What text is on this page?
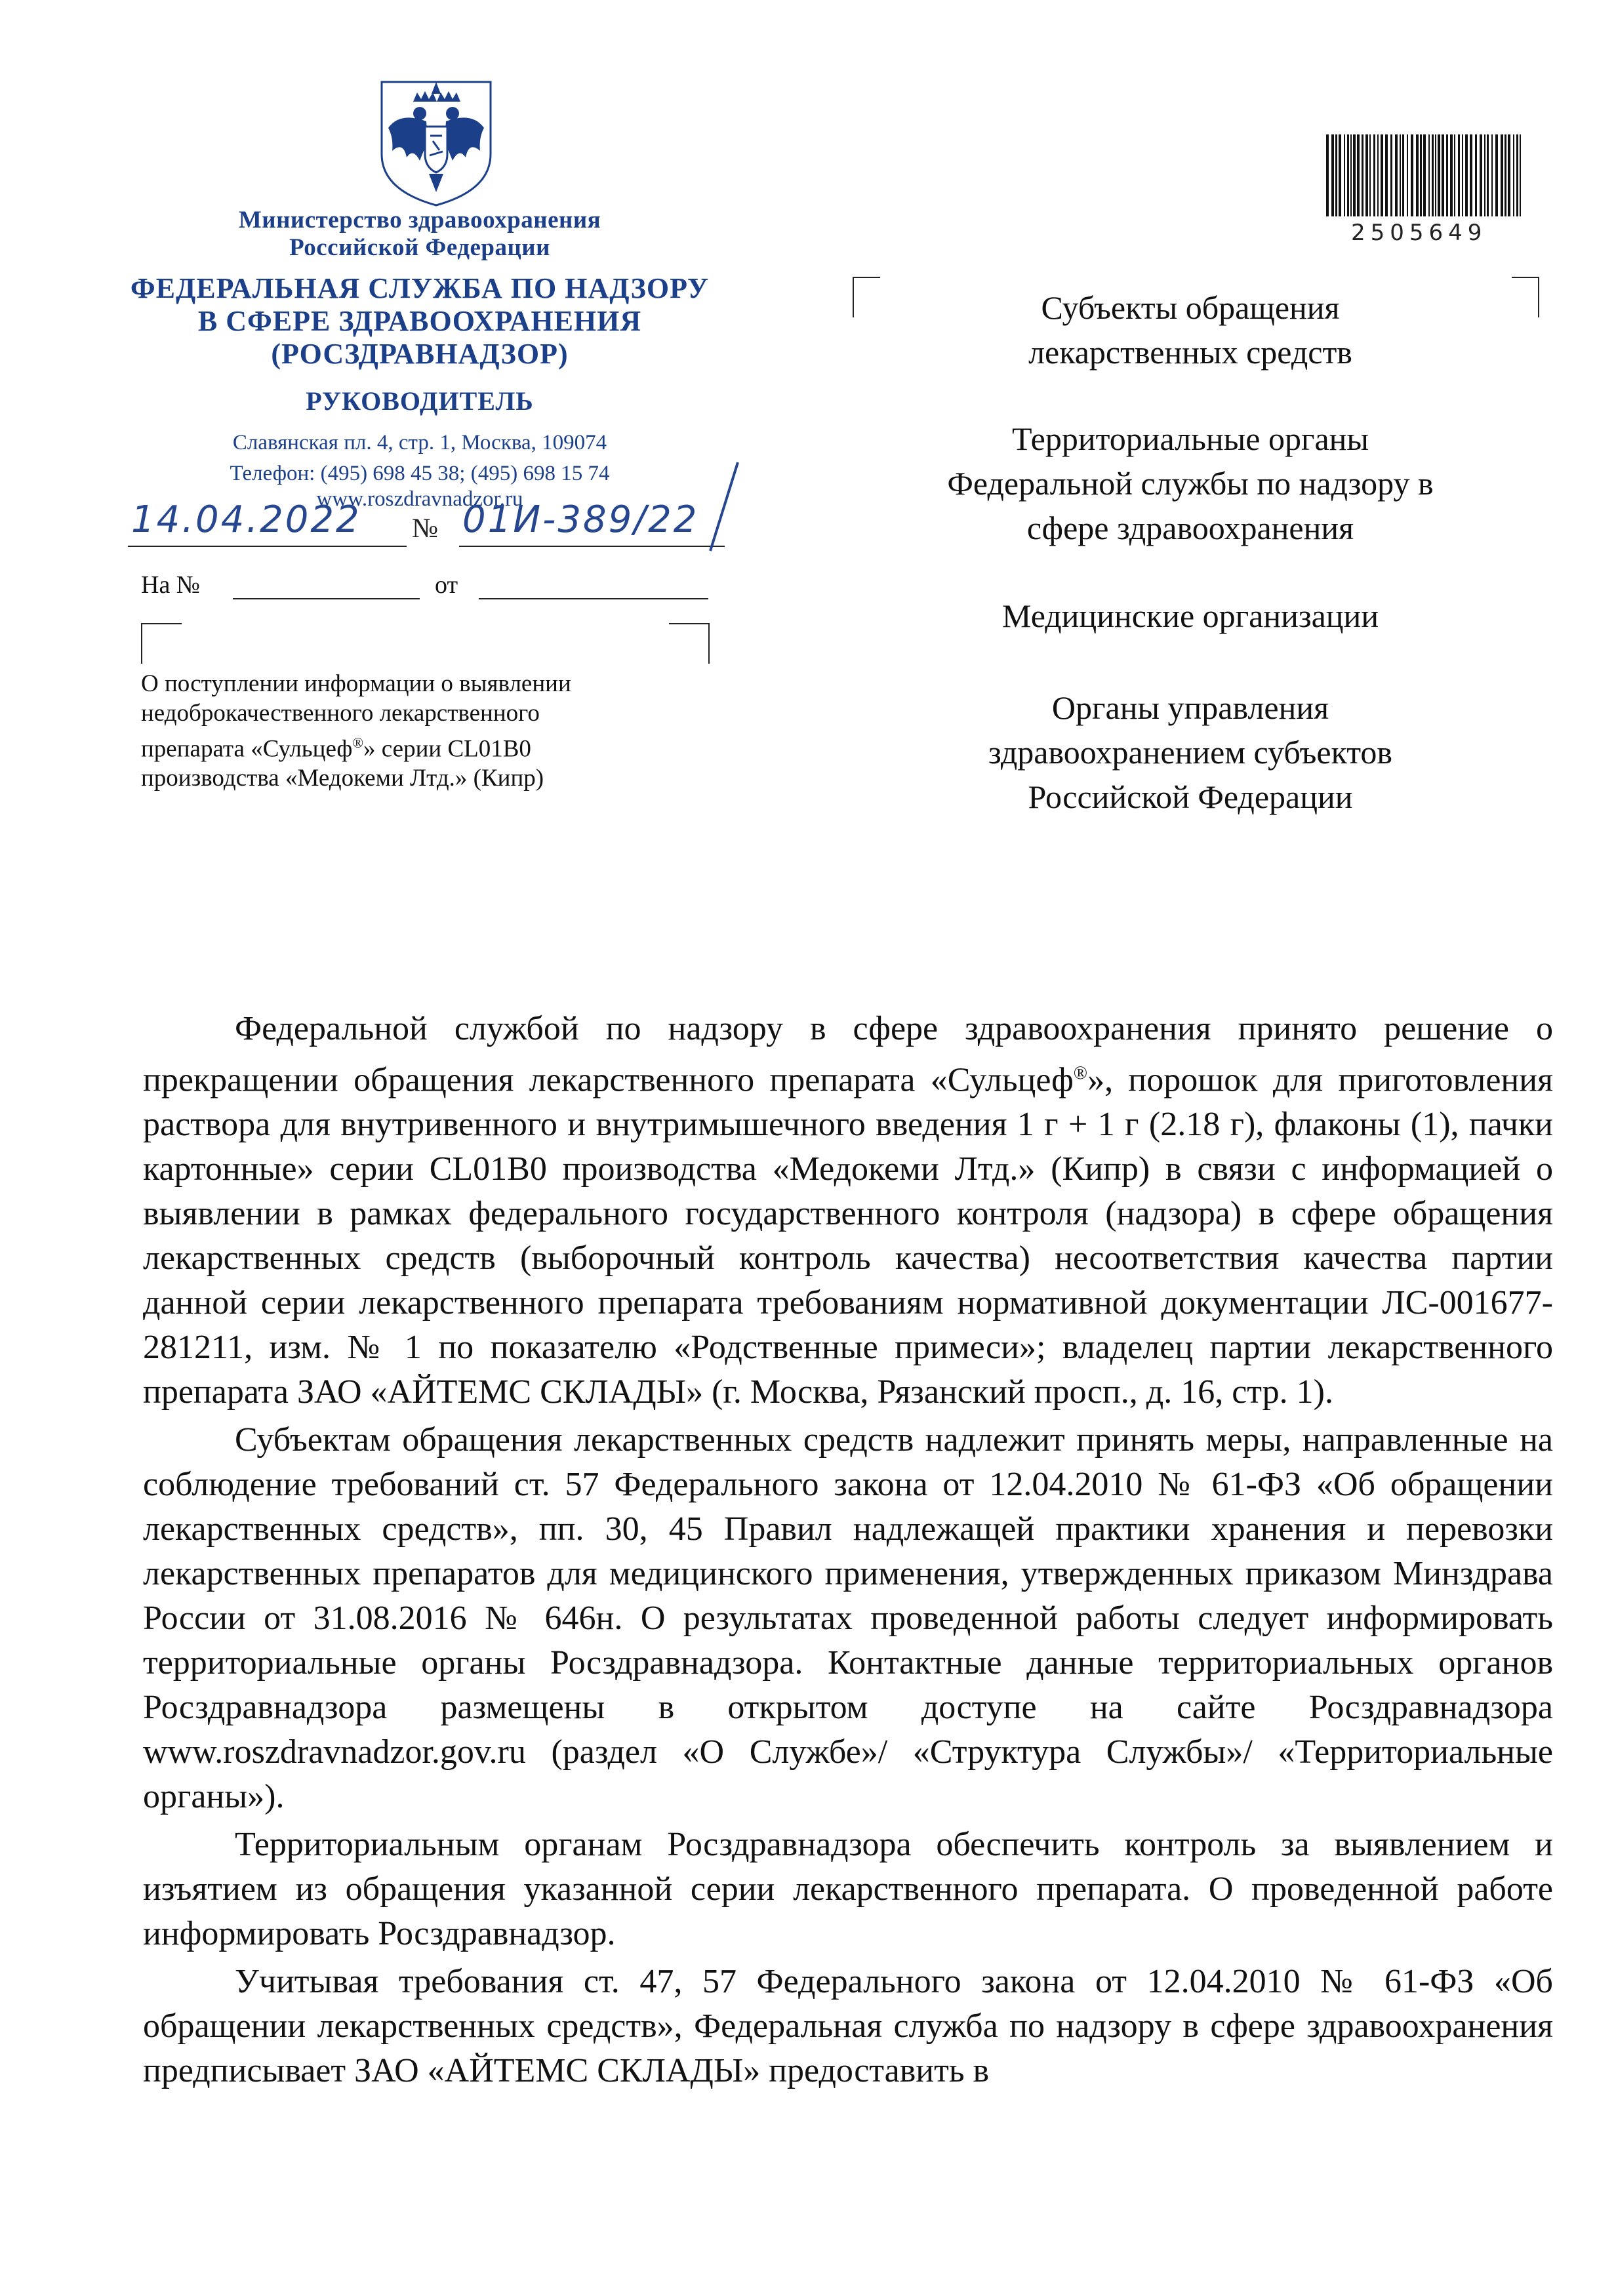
Министерство здравоохранения
Российской Федерации
ФЕДЕРАЛЬНАЯ СЛУЖБА ПО НАДЗОРУ
В СФЕРЕ ЗДРАВООХРАНЕНИЯ
(РОСЗДРАВНАДЗОР)
РУКОВОДИТЕЛЬ
Славянская пл. 4, стр. 1, Москва, 109074
Телефон: (495) 698 45 38; (495) 698 15 74
www.roszdravnadzor.ru
14.04.2022 № 01И-389/22
На №	от
О поступлении информации о выявлении
недоброкачественного лекарственного
препарата «Сульцеф®» серии CL01B0
производства «Медокеми Лтд.» (Кипр)
2505649
Субъекты обращения
лекарственных средств
Территориальные органы
Федеральной службы по надзору в
сфере здравоохранения
Медицинские организации
Органы управления
здравоохранением субъектов
Российской Федерации

Федеральной службой по надзору в сфере здравоохранения принято решение о прекращении обращения лекарственного препарата «Сульцеф®», порошок для приготовления раствора для внутривенного и внутримышечного введения 1 г + 1 г (2.18 г), флаконы (1), пачки картонные» серии CL01B0 производства «Медокеми Лтд.» (Кипр) в связи с информацией о выявлении в рамках федерального государственного контроля (надзора) в сфере обращения лекарственных средств (выборочный контроль качества) несоответствия качества партии данной серии лекарственного препарата требованиям нормативной документации ЛС-001677-281211, изм. № 1 по показателю «Родственные примеси»; владелец партии лекарственного препарата ЗАО «АЙТЕМС СКЛАДЫ» (г. Москва, Рязанский просп., д. 16, стр. 1).

Субъектам обращения лекарственных средств надлежит принять меры, направленные на соблюдение требований ст. 57 Федерального закона от 12.04.2010 № 61-ФЗ «Об обращении лекарственных средств», пп. 30, 45 Правил надлежащей практики хранения и перевозки лекарственных препаратов для медицинского применения, утвержденных приказом Минздрава России от 31.08.2016 № 646н. О результатах проведенной работы следует информировать территориальные органы Росздравнадзора. Контактные данные территориальных органов Росздравнадзора размещены в открытом доступе на сайте Росздравнадзора www.roszdravnadzor.gov.ru (раздел «О Службе»/ «Структура Службы»/ «Территориальные органы»).

Территориальным органам Росздравнадзора обеспечить контроль за выявлением и изъятием из обращения указанной серии лекарственного препарата. О проведенной работе информировать Росздравнадзор.

Учитывая требования ст. 47, 57 Федерального закона от 12.04.2010 № 61-ФЗ «Об обращении лекарственных средств», Федеральная служба по надзору в сфере здравоохранения предписывает ЗАО «АЙТЕМС СКЛАДЫ» предоставить в
